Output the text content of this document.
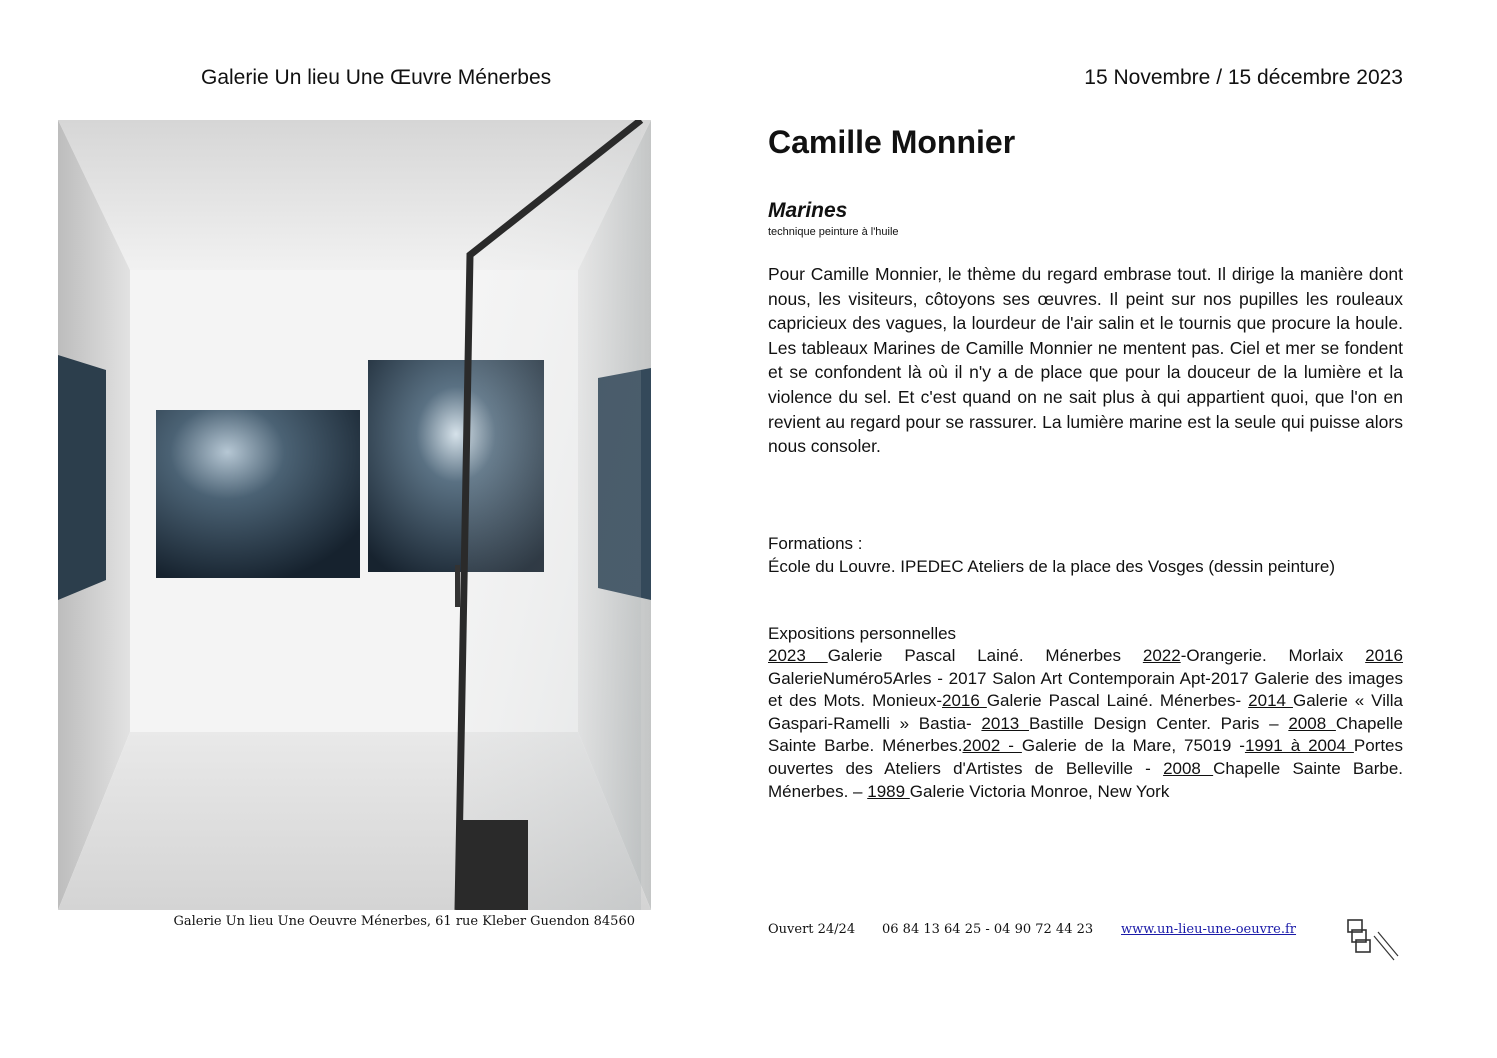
Galerie Un lieu Une Œuvre Ménerbes	15 Novembre / 15 décembre 2023
Camille Monnier
Marines
technique peinture à l'huile

Pour Camille Monnier, le thème du regard embrase tout. Il dirige la manière dont nous, les visiteurs, côtoyons ses œuvres. Il peint sur nos pupilles les rouleaux capricieux des vagues, la lourdeur de l'air salin et le tournis que procure la houle. Les tableaux Marines de Camille Monnier ne mentent pas. Ciel et mer se fondent et se confondent là où il n'y a de place que pour la douceur de la lumière et la violence du sel. Et c'est quand on ne sait plus à qui appartient quoi, que l'on en revient au regard pour se rassurer. La lumière marine est la seule qui puisse alors nous consoler.

Formations :

École du Louvre. IPEDEC Ateliers de la place des Vosges (dessin peinture)

Expositions personnelles

2023 Galerie Pascal Lainé. Ménerbes 2022-Orangerie. Morlaix 2016 GalerieNuméro5Arles - 2017 Salon Art Contemporain Apt-2017 Galerie des images et des Mots. Monieux-2016 Galerie Pascal Lainé. Ménerbes- 2014 Galerie « Villa Gaspari-Ramelli » Bastia- 2013 Bastille Design Center. Paris – 2008 Chapelle Sainte Barbe. Ménerbes.2002 - Galerie de la Mare, 75019 -1991 à 2004 Portes ouvertes des Ateliers d'Artistes de Belleville - 2008 Chapelle Sainte Barbe. Ménerbes. – 1989 Galerie Victoria Monroe, New York

Galerie Un lieu Une Oeuvre Ménerbes, 61 rue Kleber Guendon 84560
Ouvert 24/24 06 84 13 64 25 - 04 90 72 44 23 www.un-lieu-une-oeuvre.fr
